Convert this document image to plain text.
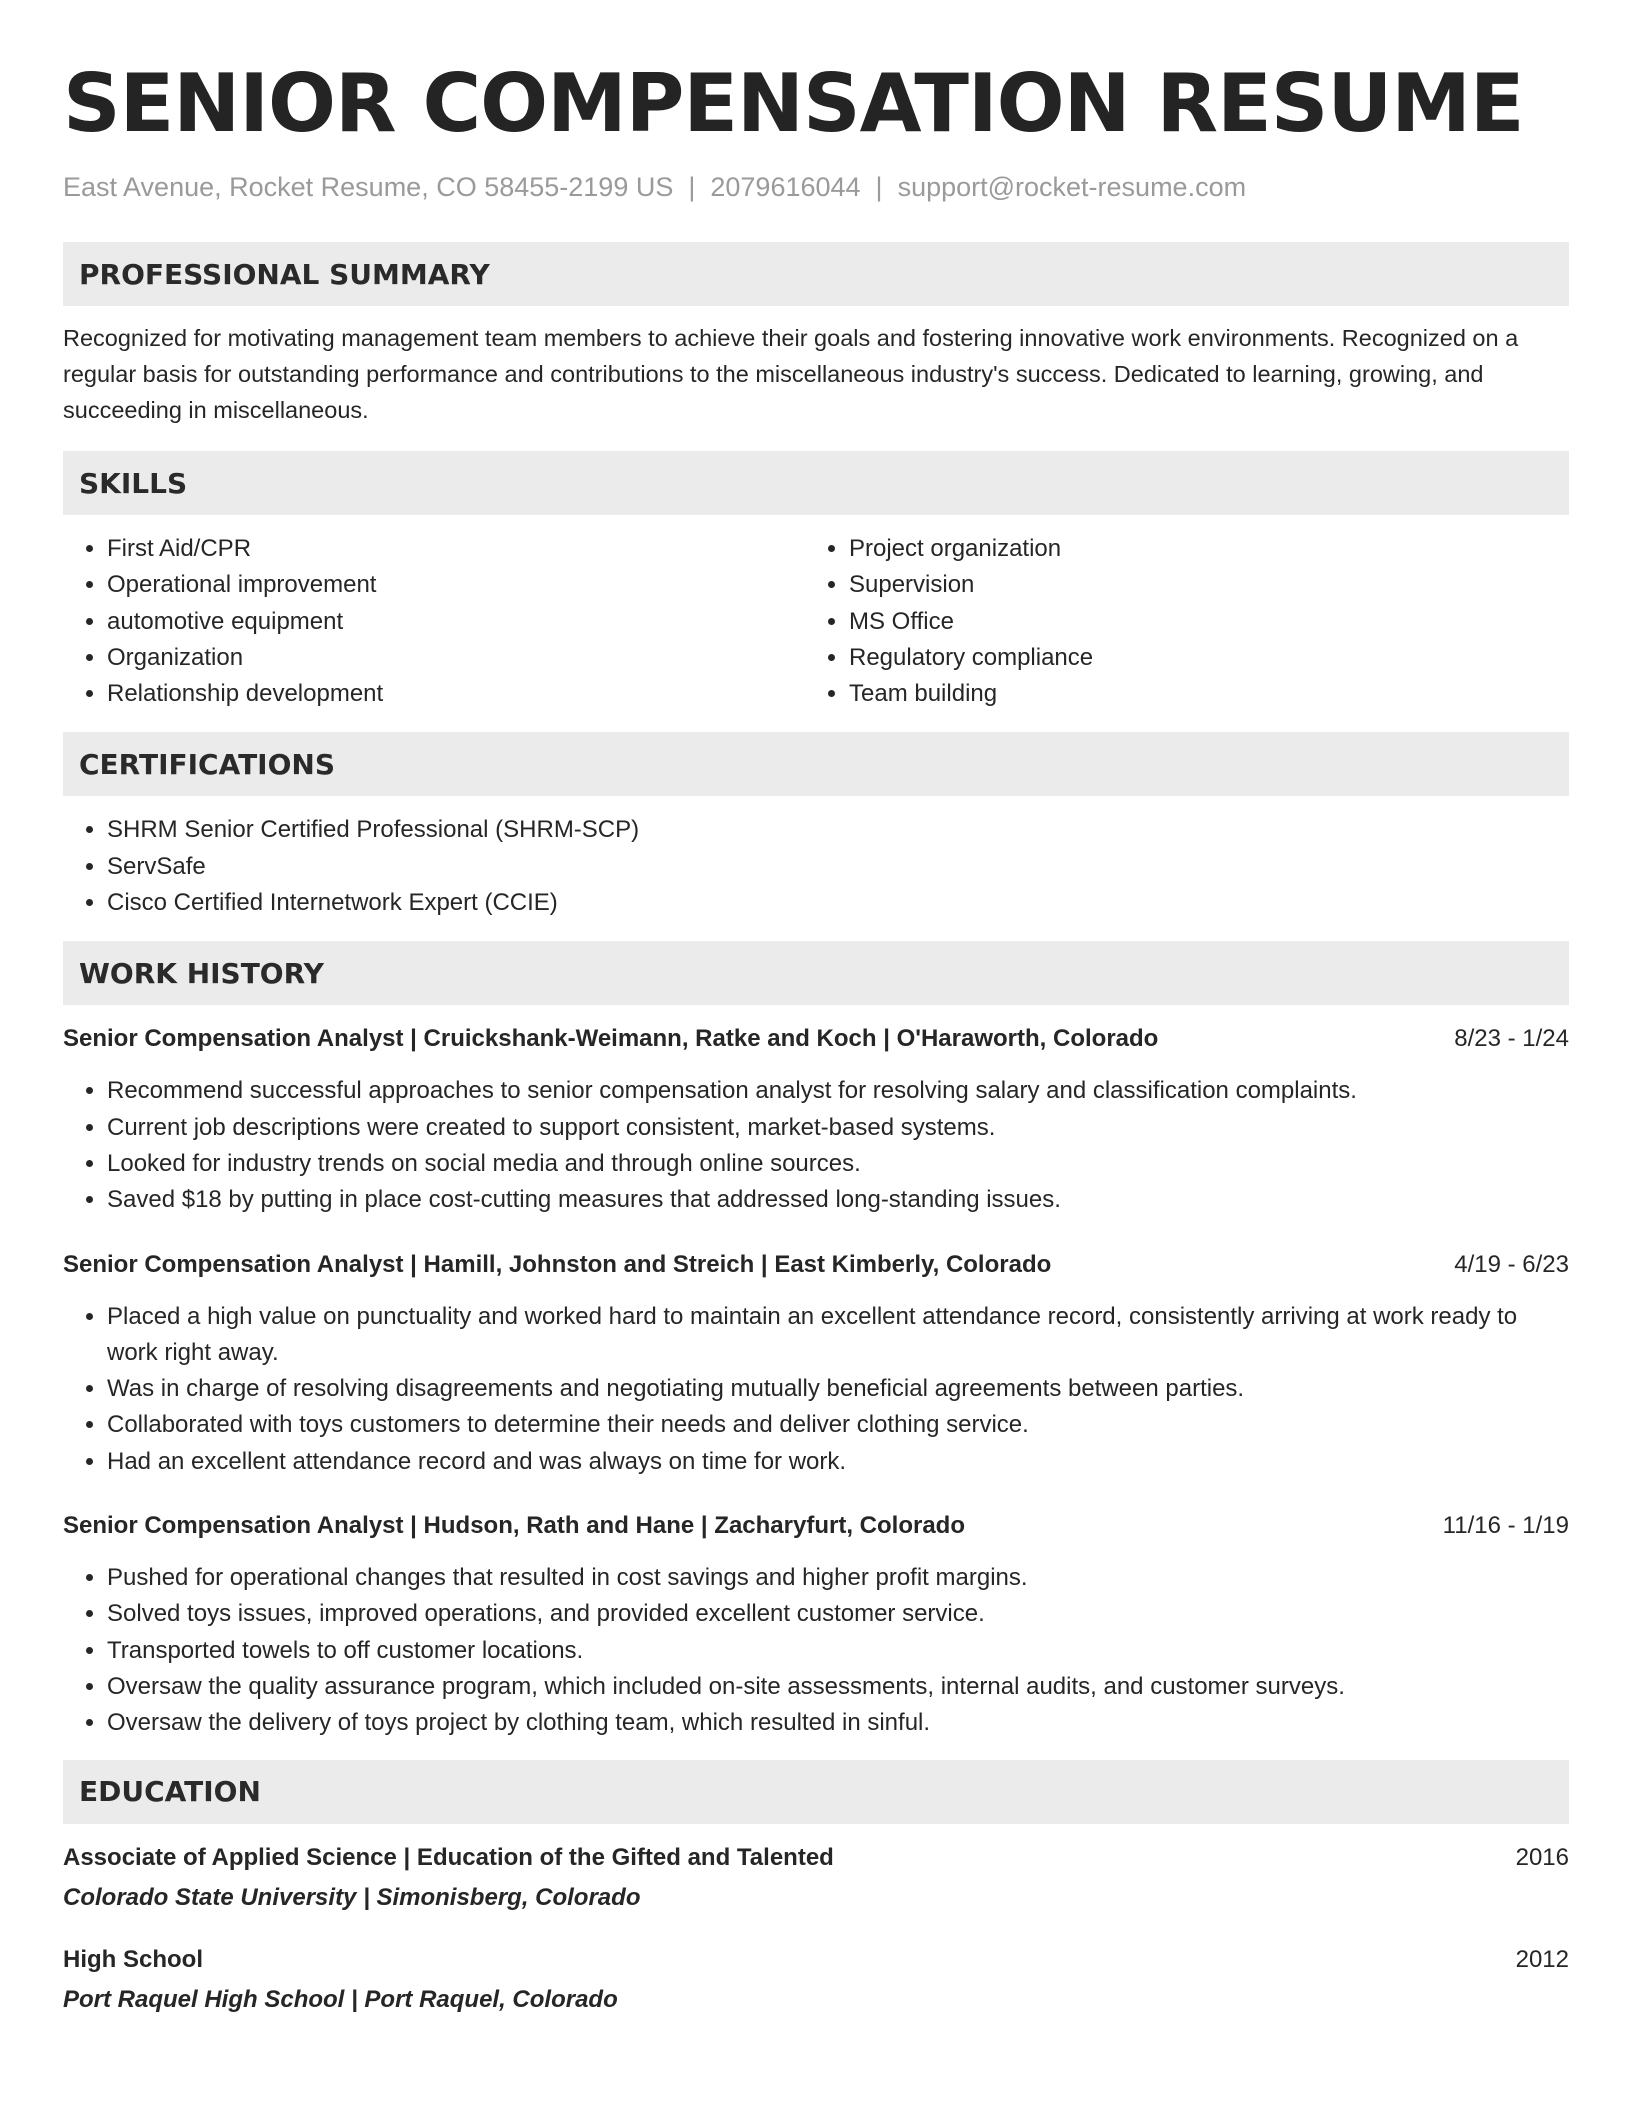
SENIOR COMPENSATION RESUME
East Avenue, Rocket Resume, CO 58455-2199 US | 2079616044 | support@rocket-resume.com
PROFESSIONAL SUMMARY

Recognized for motivating management team members to achieve their goals and fostering innovative work environments. Recognized on a regular basis for outstanding performance and contributions to the miscellaneous industry's success. Dedicated to learning, growing, and succeeding in miscellaneous.

SKILLS
• First Aid/CPR
• Operational improvement
• automotive equipment
• Organization
• Relationship development
• Project organization
• Supervision
• MS Office
• Regulatory compliance
• Team building
CERTIFICATIONS
• SHRM Senior Certified Professional (SHRM-SCP)
• ServSafe
• Cisco Certified Internetwork Expert (CCIE)
WORK HISTORY
Senior Compensation Analyst | Cruickshank-Weimann, Ratke and Koch | O'Haraworth, Colorado	8/23 - 1/24
• Recommend successful approaches to senior compensation analyst for resolving salary and classification complaints.
• Current job descriptions were created to support consistent, market-based systems.
• Looked for industry trends on social media and through online sources.
• Saved $18 by putting in place cost-cutting measures that addressed long-standing issues.
Senior Compensation Analyst | Hamill, Johnston and Streich | East Kimberly, Colorado	4/19 - 6/23
• Placed a high value on punctuality and worked hard to maintain an excellent attendance record, consistently arriving at work ready to work right away.
• Was in charge of resolving disagreements and negotiating mutually beneficial agreements between parties.
• Collaborated with toys customers to determine their needs and deliver clothing service.
• Had an excellent attendance record and was always on time for work.
Senior Compensation Analyst | Hudson, Rath and Hane | Zacharyfurt, Colorado	11/16 - 1/19
• Pushed for operational changes that resulted in cost savings and higher profit margins.
• Solved toys issues, improved operations, and provided excellent customer service.
• Transported towels to off customer locations.
• Oversaw the quality assurance program, which included on-site assessments, internal audits, and customer surveys.
• Oversaw the delivery of toys project by clothing team, which resulted in sinful.
EDUCATION
Associate of Applied Science | Education of the Gifted and Talented	2016
Colorado State University | Simonisberg, Colorado
High School	2012
Port Raquel High School | Port Raquel, Colorado
